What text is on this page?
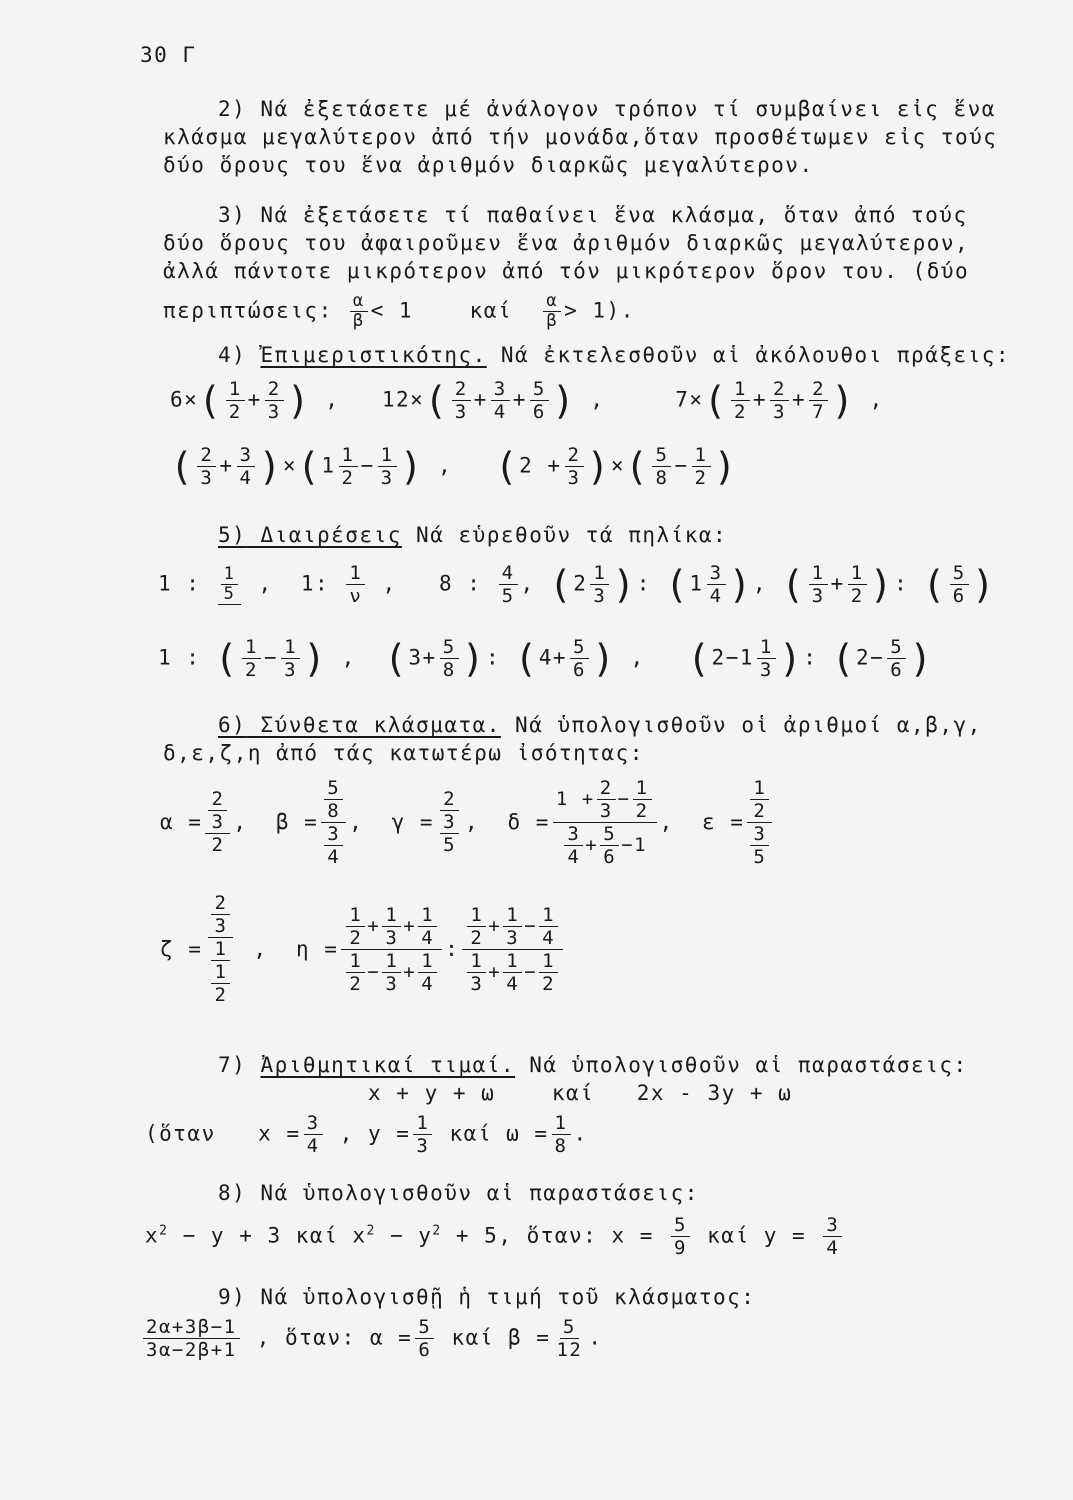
30 Γ
2) Νά ἐξετάσετε μέ ἀνάλογον τρόπον τί συμβαίνει εἰς ἕνα
κλάσμα μεγαλύτερον ἀπό τήν μονάδα,ὅταν προσθέτωμεν εἰς τούς
δύο ὅρους του ἕνα ἀριθμόν διαρκῶς μεγαλύτερον.
3) Νά ἐξετάσετε τί παθαίνει ἕνα κλάσμα, ὅταν ἀπό τούς
δύο ὅρους του ἀφαιροῦμεν ἕνα ἀριθμόν διαρκῶς μεγαλύτερον,
ἀλλά πάντοτε μικρότερον ἀπό τόν μικρότερον ὅρον του. (δύο
περιπτώσεις: $\frac{\alpha}{\beta} < 1$	καί $\frac{\alpha}{\beta} > 1$).
4) Ἐπιμεριστικότης. Νά ἐκτελεσθοῦν αἱ ἀκόλουθοι πράξεις:
$6\times( \frac{1}{2} + \frac{2}{3}$ ) ,   $12\times( \frac{2}{3} + \frac{3}{4} + \frac{5}{6}$ ) ,     $7\times( \frac{1}{2} + \frac{2}{3} + \frac{2}{7}$ ) ,
( $\frac{2}{3} + \frac{3}{4} )\times(1 \frac{1}{2} - \frac{1}{3}$ ) ,   ($2 + \frac{2}{3}$ )×( $\frac{5}{8} - \frac{1}{2}$ )
5) Διαιρέσεις Νά εὑρεθοῦν τά πηλίκα:
1 : $\frac{1}{5}$ ,  1: $\frac{1}{\nu}$ ,   8 : $\frac{4}{5}$ , ($2 \frac{1}{3}$ ): ($1 \frac{3}{4}$ ), ( $\frac{1}{3} + \frac{1}{2}$ ): ( $\frac{5}{6}$ )
1 : ( $\frac{1}{2} - \frac{1}{3}$ ) ,  ($3+ \frac{5}{8}$ ): ($4+ \frac{5}{6}$ ) ,   ($2-1 \frac{1}{3}$ ): ($2- \frac{5}{6}$ )
6) Σύνθετα κλάσματα. Νά ὑπολογισθοῦν οἱ ἀριθμοί α,β,γ,
δ,ε,ζ,η ἀπό τάς κατωτέρω ἰσότητας:
$\alpha = \frac{2}{3}$
2
,  β =
$\frac{5}{8}$
$\frac{3}{4}$
,  γ =
2
$\frac{3}{5}$ ,  δ =
$1 + \frac{2}{3} - \frac{1}{2}$
$\frac{3}{4} + \frac{5}{6} -1$
,  ε =
$\frac{1}{2}$
$\frac{3}{5}$
ζ =
$\frac{2}{3}$
$\frac{1}{\frac{1}{2}}$ ,  η =
$\frac{1}{2} + \frac{1}{3} + \frac{1}{4}$
$\frac{1}{2} - \frac{1}{3} + \frac{1}{4}$
:
$\frac{1}{2} + \frac{1}{3} - \frac{1}{4}$
$\frac{1}{3} + \frac{1}{4} - \frac{1}{2}$
7) Ἀριθμητικαί τιμαί. Νά ὑπολογισθοῦν αἱ παραστάσεις:
x + y + ω	καί 2x - 3y + ω
(ὅταν $x = \frac{3}{4}$ , $y = \frac{1}{3}$ καί $\omega = \frac{1}{8}$ .
8) Νά ὑπολογισθοῦν αἱ παραστάσεις:
$x^2 - y + 3$ καί $x^2 - y^2 + 5$, ὅταν: $x = \frac{5}{9}$ καί $y = \frac{3}{4}$
9) Νά ὑπολογισθῇ ἡ τιμή τοῦ κλάσματος:
$\frac{2\alpha+3\beta-1}{3\alpha-2\beta+1}$ , ὅταν: $\alpha = \frac{5}{6}$ καί $\beta = \frac{5}{12}$ .
